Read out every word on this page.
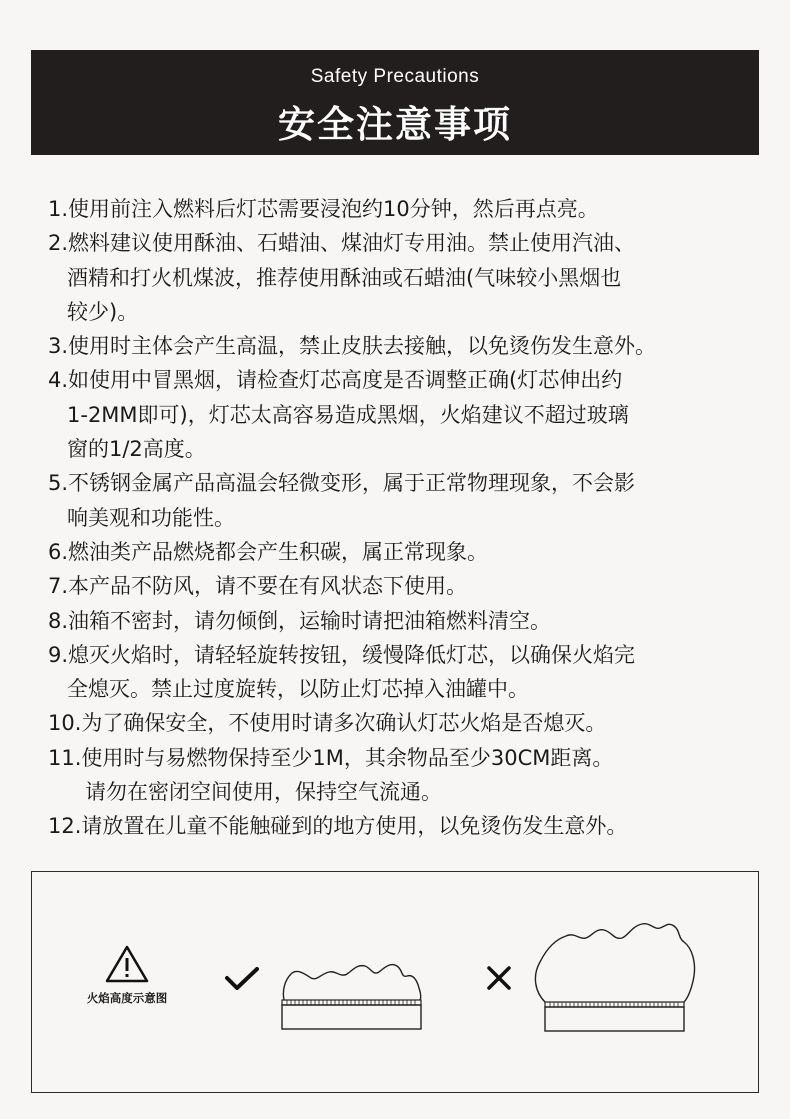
Safety Precautions
安全注意事项
1.使用前注入燃料后灯芯需要浸泡约10分钟，然后再点亮。
2.燃料建议使用酥油、石蜡油、煤油灯专用油。禁止使用汽油、
酒精和打火机煤波，推荐使用酥油或石蜡油(气味较小黑烟也
较少)。
3.使用时主体会产生高温，禁止皮肤去接触，以免烫伤发生意外。
4.如使用中冒黑烟，请检查灯芯高度是否调整正确(灯芯伸出约
1-2MM即可)，灯芯太高容易造成黑烟，火焰建议不超过玻璃
窗的1/2高度。
5.不锈钢金属产品高温会轻微变形，属于正常物理现象，不会影
响美观和功能性。
6.燃油类产品燃烧都会产生积碳，属正常现象。
7.本产品不防风，请不要在有风状态下使用。
8.油箱不密封，请勿倾倒，运输时请把油箱燃料清空。
9.熄灭火焰时，请轻轻旋转按钮，缓慢降低灯芯，以确保火焰完
全熄灭。禁止过度旋转，以防止灯芯掉入油罐中。
10.为了确保安全，不使用时请多次确认灯芯火焰是否熄灭。
11.使用时与易燃物保持至少1M，其余物品至少30CM距离。
请勿在密闭空间使用，保持空气流通。
12.请放置在儿童不能触碰到的地方使用，以免烫伤发生意外。
火焰高度示意图
